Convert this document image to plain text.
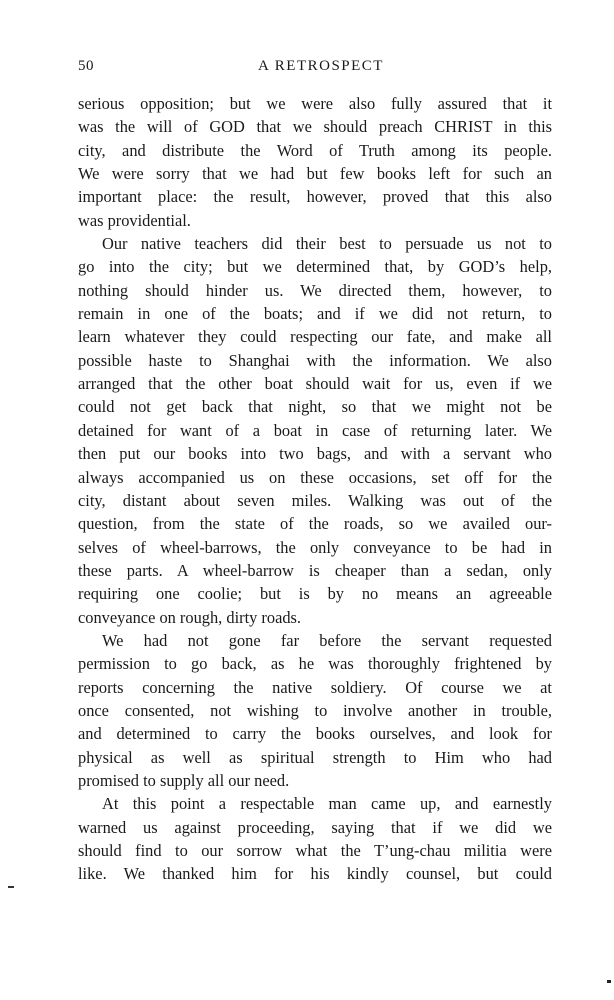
50	A RETROSPECT

serious opposition; but we were also fully assured that it
was the will of GOD that we should preach CHRIST in this
city, and distribute the Word of Truth among its people.
We were sorry that we had but few books left for such an
important place: the result, however, proved that this also
was providential.

Our native teachers did their best to persuade us not to
go into the city; but we determined that, by GOD’s help,
nothing should hinder us. We directed them, however, to
remain in one of the boats; and if we did not return, to
learn whatever they could respecting our fate, and make all
possible haste to Shanghai with the information. We also
arranged that the other boat should wait for us, even if we
could not get back that night, so that we might not be
detained for want of a boat in case of returning later. We
then put our books into two bags, and with a servant who
always accompanied us on these occasions, set off for the
city, distant about seven miles. Walking was out of the
question, from the state of the roads, so we availed our-
selves of wheel-barrows, the only conveyance to be had in
these parts. A wheel-barrow is cheaper than a sedan, only
requiring one coolie; but is by no means an agreeable
conveyance on rough, dirty roads.

We had not gone far before the servant requested
permission to go back, as he was thoroughly frightened by
reports concerning the native soldiery. Of course we at
once consented, not wishing to involve another in trouble,
and determined to carry the books ourselves, and look for
physical as well as spiritual strength to Him who had
promised to supply all our need.

At this point a respectable man came up, and earnestly
warned us against proceeding, saying that if we did we
should find to our sorrow what the T’ung-chau militia were
like. We thanked him for his kindly counsel, but could
